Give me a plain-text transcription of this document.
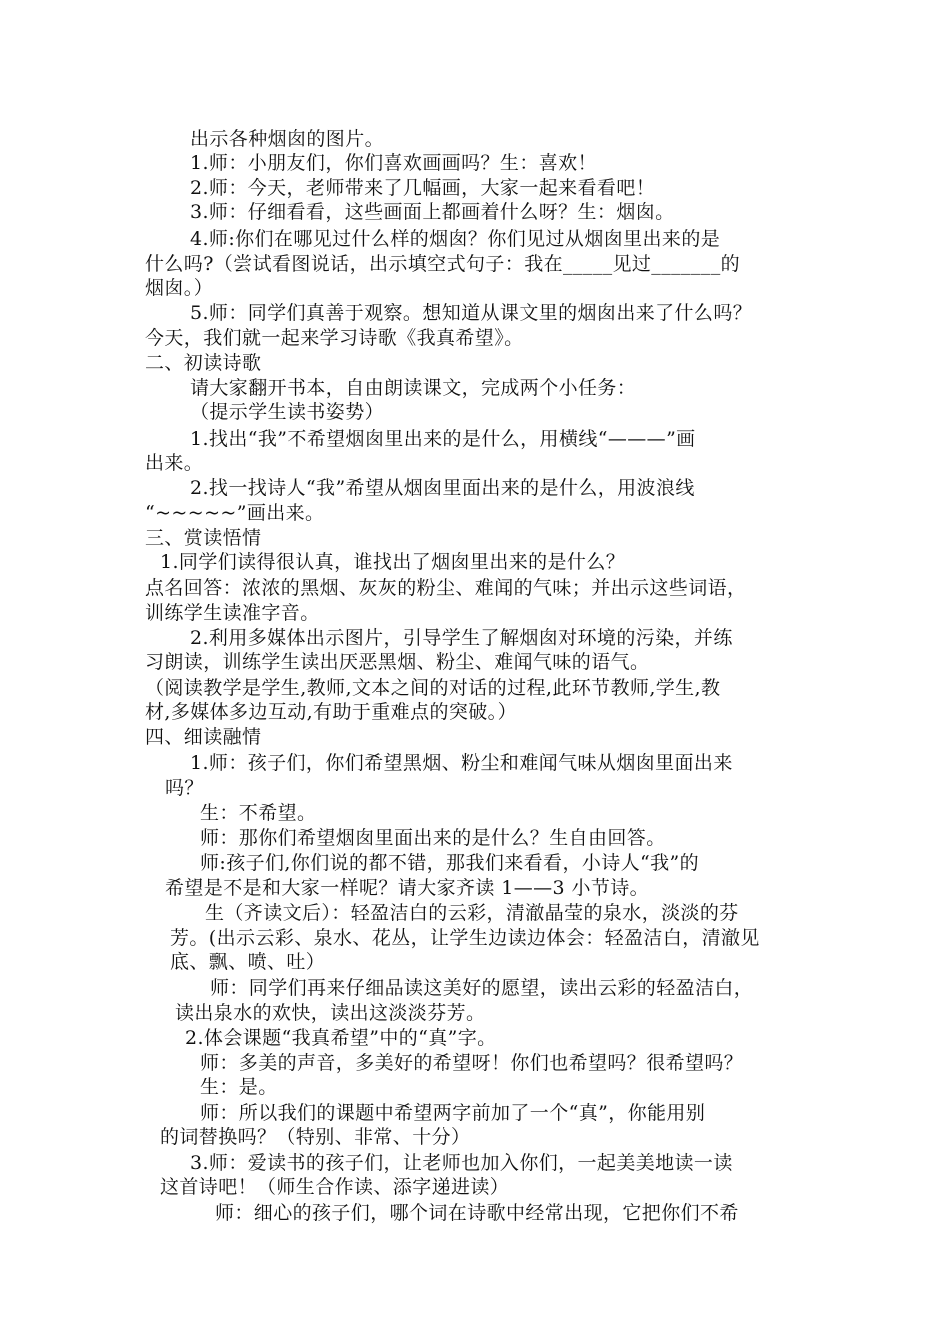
出示各种烟囱的图片。
1.师：小朋友们，你们喜欢画画吗？生：喜欢！
2.师：今天，老师带来了几幅画，大家一起来看看吧！
3.师：仔细看看，这些画面上都画着什么呀？生：烟囱。
4.师:你们在哪见过什么样的烟囱？你们见过从烟囱里出来的是
什么吗?（尝试看图说话，出示填空式句子：我在_____见过_______的
烟囱。）
5.师：同学们真善于观察。想知道从课文里的烟囱出来了什么吗？
今天，我们就一起来学习诗歌《我真希望》。
二、初读诗歌
请大家翻开书本，自由朗读课文，完成两个小任务：
（提示学生读书姿势）
1.找出“我”不希望烟囱里出来的是什么，用横线“———”画
出来。
2.找一找诗人“我”希望从烟囱里面出来的是什么，用波浪线
“~~~~~”画出来。
三、赏读悟情
1.同学们读得很认真，谁找出了烟囱里出来的是什么？
点名回答：浓浓的黑烟、灰灰的粉尘、难闻的气味；并出示这些词语，
训练学生读准字音。
2.利用多媒体出示图片，引导学生了解烟囱对环境的污染，并练
习朗读，训练学生读出厌恶黑烟、粉尘、难闻气味的语气。
（阅读教学是学生,教师,文本之间的对话的过程,此环节教师,学生,教
材,多媒体多边互动,有助于重难点的突破。）
四、细读融情
1.师：孩子们，你们希望黑烟、粉尘和难闻气味从烟囱里面出来
吗？
生：不希望。
师：那你们希望烟囱里面出来的是什么？生自由回答。
师:孩子们,你们说的都不错，那我们来看看，小诗人“我”的
希望是不是和大家一样呢？请大家齐读 1——3 小节诗。
生（齐读文后）：轻盈洁白的云彩，清澈晶莹的泉水，淡淡的芬
芳。(出示云彩、泉水、花丛，让学生边读边体会：轻盈洁白，清澈见
底、飘、喷、吐）
师：同学们再来仔细品读这美好的愿望，读出云彩的轻盈洁白，
读出泉水的欢快，读出这淡淡芬芳。
2.体会课题“我真希望”中的“真”字。
师：多美的声音，多美好的希望呀！你们也希望吗？很希望吗？
生：是。
师：所以我们的课题中希望两字前加了一个“真”，你能用别
的词替换吗？（特别、非常、十分）
3.师：爱读书的孩子们，让老师也加入你们，一起美美地读一读
这首诗吧！（师生合作读、添字递进读）
师：细心的孩子们，哪个词在诗歌中经常出现，它把你们不希
